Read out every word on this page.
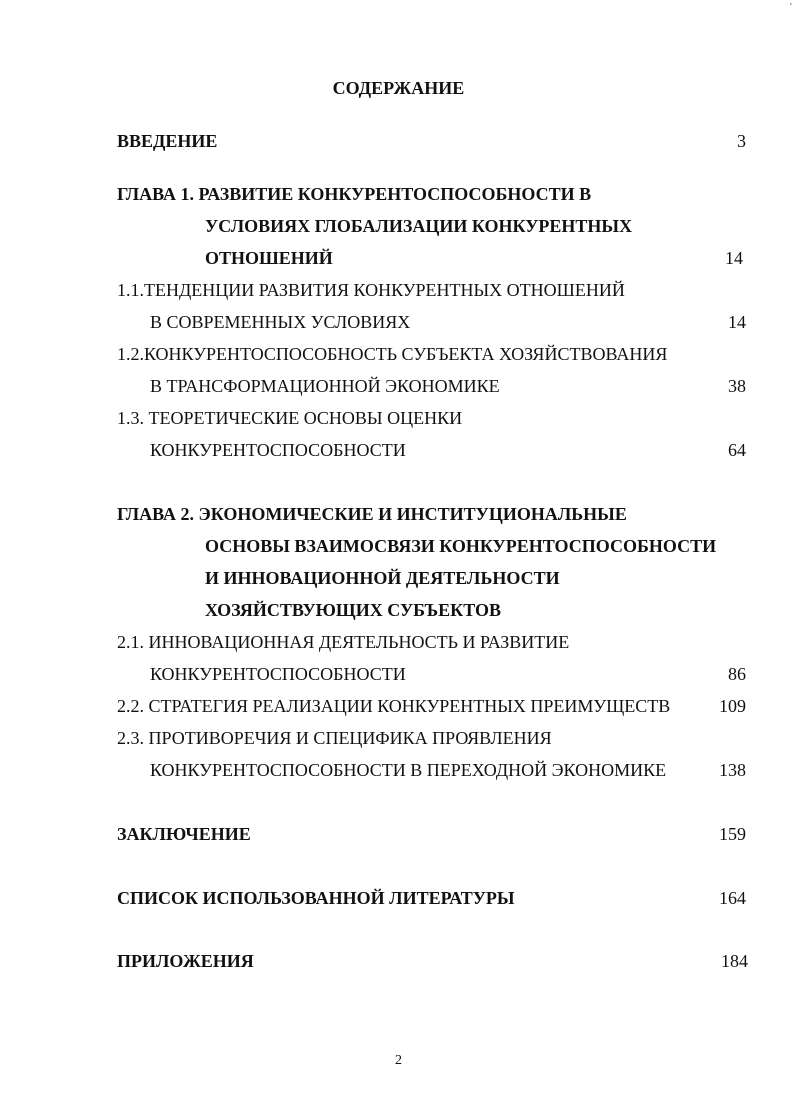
'
СОДЕРЖАНИЕ
ВВЕДЕНИЕ	3
ГЛАВА 1. РАЗВИТИЕ КОНКУРЕНТОСПОСОБНОСТИ В
УСЛОВИЯХ ГЛОБАЛИЗАЦИИ КОНКУРЕНТНЫХ
ОТНОШЕНИЙ	14
1.1.ТЕНДЕНЦИИ РАЗВИТИЯ КОНКУРЕНТНЫХ ОТНОШЕНИЙ
В СОВРЕМЕННЫХ УСЛОВИЯХ	14
1.2.КОНКУРЕНТОСПОСОБНОСТЬ СУБЪЕКТА ХОЗЯЙСТВОВАНИЯ
В ТРАНСФОРМАЦИОННОЙ ЭКОНОМИКЕ	38
1.3. ТЕОРЕТИЧЕСКИЕ ОСНОВЫ ОЦЕНКИ
КОНКУРЕНТОСПОСОБНОСТИ	64
ГЛАВА 2. ЭКОНОМИЧЕСКИЕ И ИНСТИТУЦИОНАЛЬНЫЕ
ОСНОВЫ ВЗАИМОСВЯЗИ КОНКУРЕНТОСПОСОБНОСТИ
И ИННОВАЦИОННОЙ ДЕЯТЕЛЬНОСТИ
ХОЗЯЙСТВУЮЩИХ СУБЪЕКТОВ
2.1. ИННОВАЦИОННАЯ ДЕЯТЕЛЬНОСТЬ И РАЗВИТИЕ
КОНКУРЕНТОСПОСОБНОСТИ	86
2.2. СТРАТЕГИЯ РЕАЛИЗАЦИИ КОНКУРЕНТНЫХ ПРЕИМУЩЕСТВ	109
2.3. ПРОТИВОРЕЧИЯ И СПЕЦИФИКА ПРОЯВЛЕНИЯ
КОНКУРЕНТОСПОСОБНОСТИ В ПЕРЕХОДНОЙ ЭКОНОМИКЕ	138
ЗАКЛЮЧЕНИЕ	159
СПИСОК ИСПОЛЬЗОВАННОЙ ЛИТЕРАТУРЫ	164
ПРИЛОЖЕНИЯ	184
2
